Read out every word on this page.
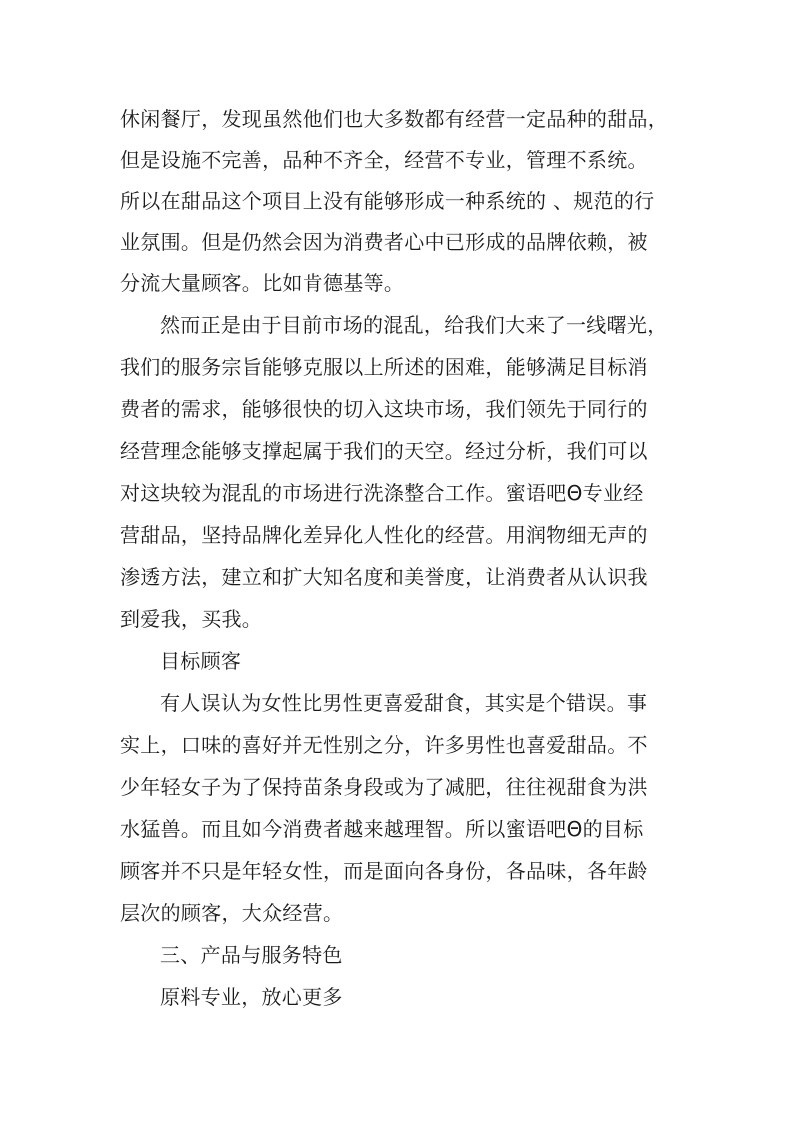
休闲餐厅，发现虽然他们也大多数都有经营一定品种的甜品，
但是设施不完善，品种不齐全，经营不专业，管理不系统。
所以在甜品这个项目上没有能够形成一种系统的 、规范的行
业氛围。但是仍然会因为消费者心中已形成的品牌依赖，被
分流大量顾客。比如肯德基等。
然而正是由于目前市场的混乱，给我们大来了一线曙光，
我们的服务宗旨能够克服以上所述的困难，能够满足目标消
费者的需求，能够很快的切入这块市场，我们领先于同行的
经营理念能够支撑起属于我们的天空。经过分析，我们可以
对这块较为混乱的市场进行洗涤整合工作。蜜语吧Θ专业经
营甜品，坚持品牌化差异化人性化的经营。用润物细无声的
渗透方法，建立和扩大知名度和美誉度，让消费者从认识我
到爱我，买我。
目标顾客
有人误认为女性比男性更喜爱甜食，其实是个错误。事
实上，口味的喜好并无性别之分，许多男性也喜爱甜品。不
少年轻女子为了保持苗条身段或为了减肥，往往视甜食为洪
水猛兽。而且如今消费者越来越理智。所以蜜语吧Θ的目标
顾客并不只是年轻女性，而是面向各身份，各品味，各年龄
层次的顾客，大众经营。
三、产品与服务特色
原料专业，放心更多
